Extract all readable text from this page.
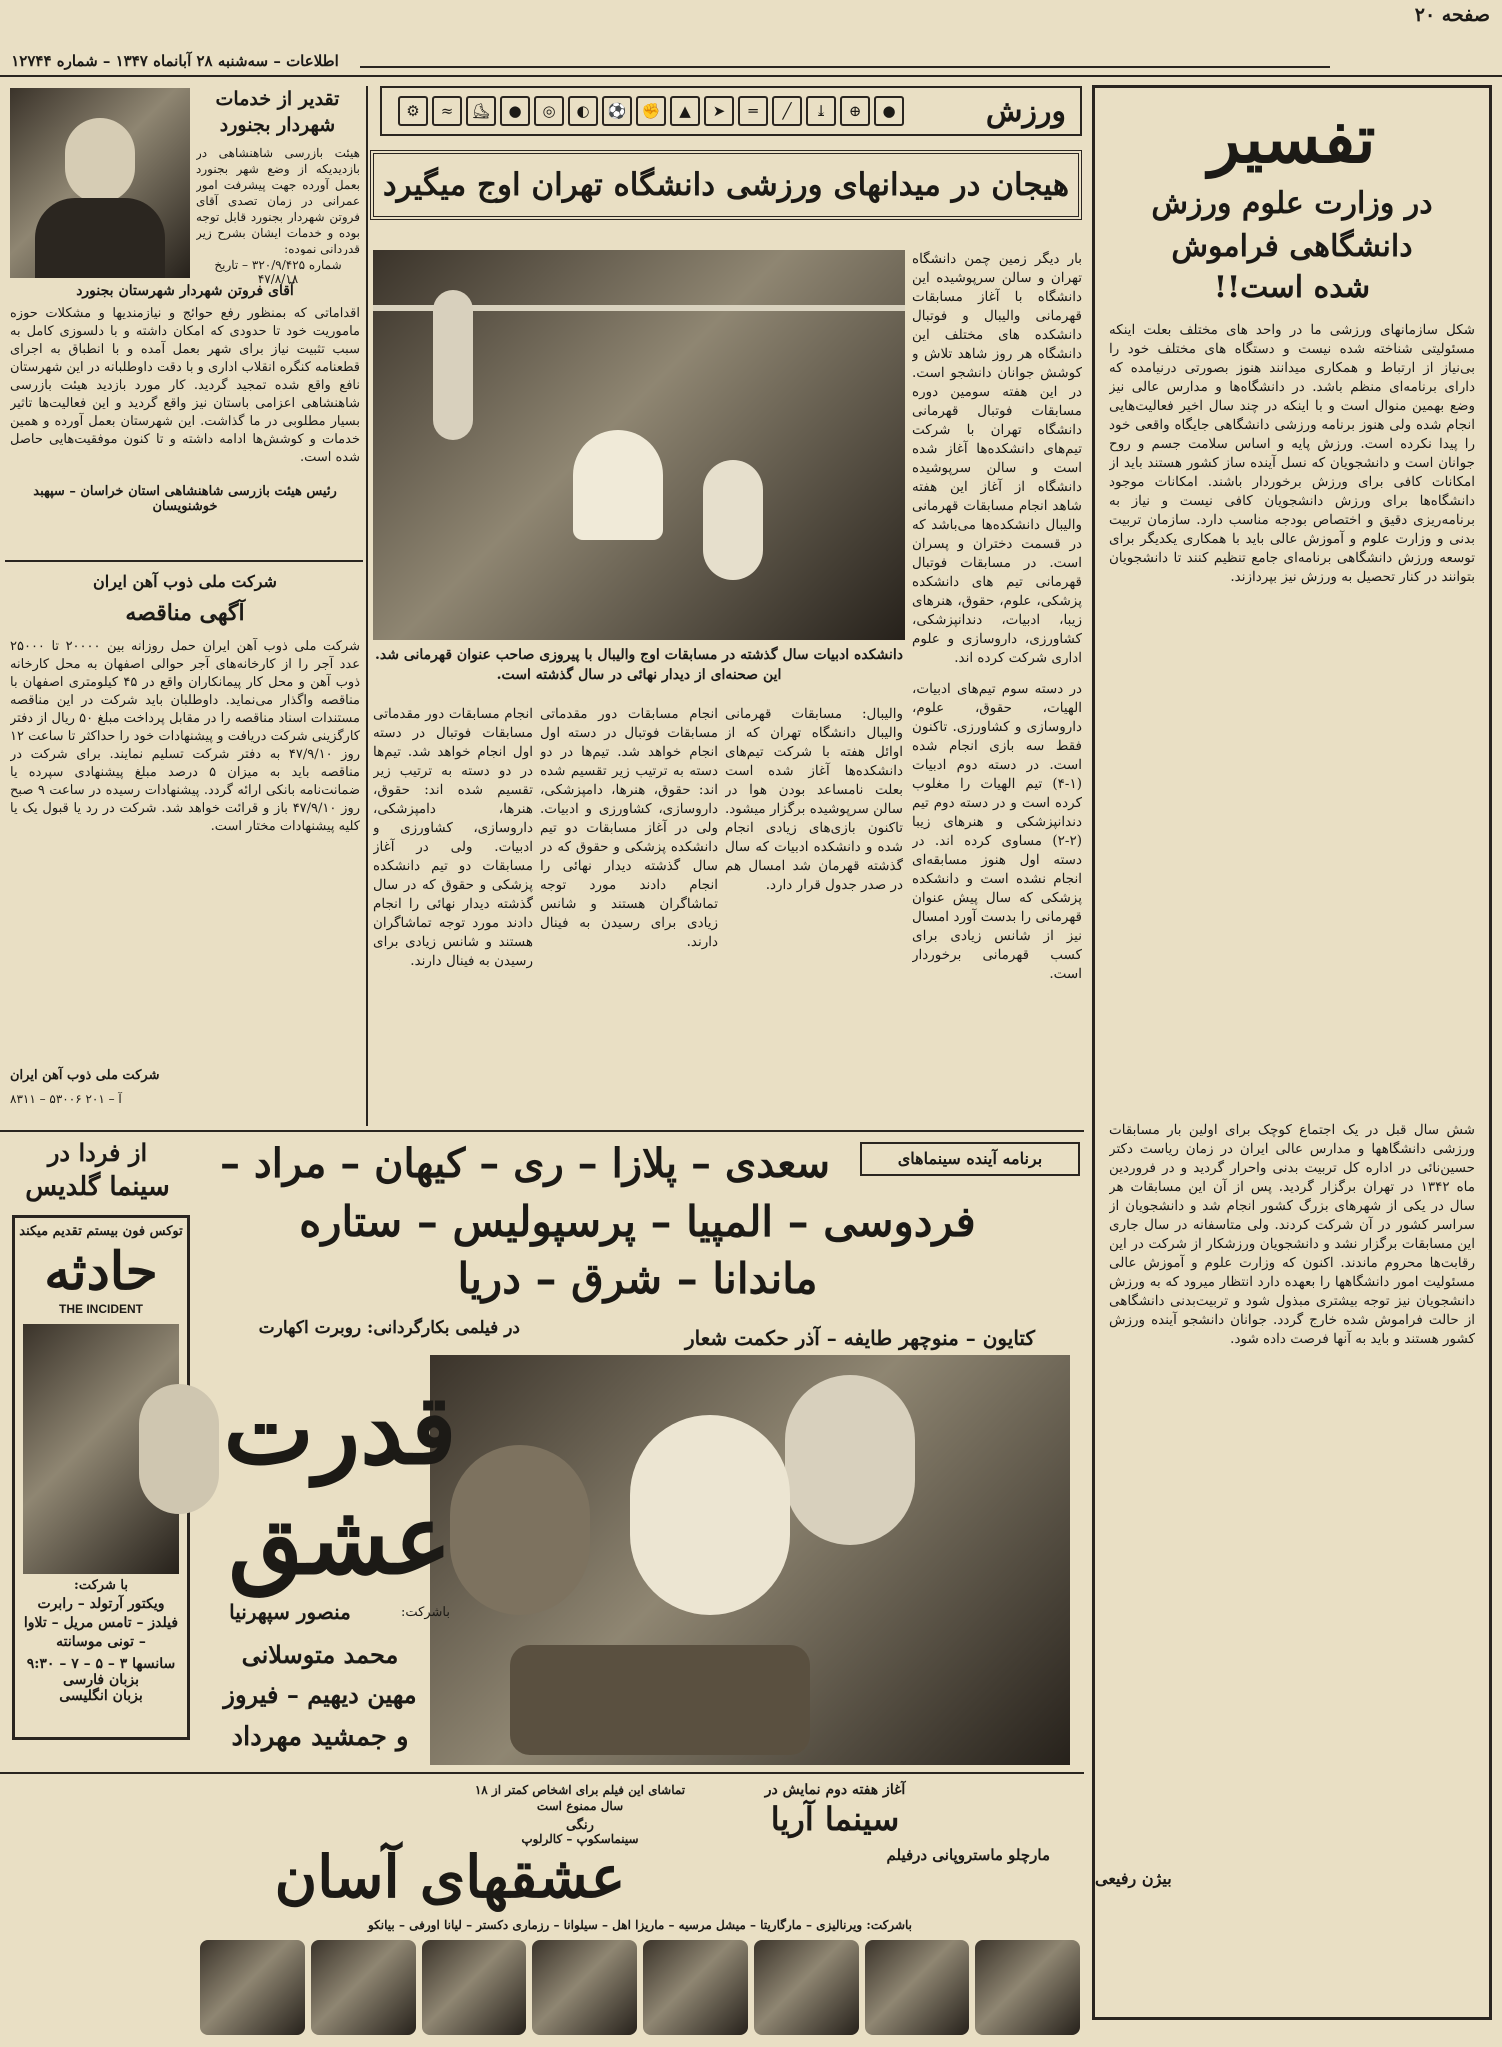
صفحه ۲۰
اطلاعات – سه‌شنبه ۲۸ آبانماه ۱۳۴۷ – شماره ۱۲۷۴۴
تفسیر
در وزارت علوم ورزش
دانشگاهی فراموش
شده است!!
شکل سازمانهای ورزشی ما در واحد های مختلف بعلت اینکه مسئولیتی شناخته شده نیست و دستگاه های مختلف خود را بی‌نیاز از ارتباط و همکاری میدانند هنوز بصورتی درنیامده که دارای برنامه‌ای منظم باشد. در دانشگاه‌ها و مدارس عالی نیز وضع بهمین منوال است و با اینکه در چند سال اخیر فعالیت‌هایی انجام شده ولی هنوز برنامه ورزشی دانشگاهی جایگاه واقعی خود را پیدا نکرده است. ورزش پایه و اساس سلامت جسم و روح جوانان است و دانشجویان که نسل آینده ساز کشور هستند باید از امکانات کافی برای ورزش برخوردار باشند. امکانات موجود دانشگاه‌ها برای ورزش دانشجویان کافی نیست و نیاز به برنامه‌ریزی دقیق و اختصاص بودجه مناسب دارد. سازمان تربیت بدنی و وزارت علوم و آموزش عالی باید با همکاری یکدیگر برای توسعه ورزش دانشگاهی برنامه‌ای جامع تنظیم کنند تا دانشجویان بتوانند در کنار تحصیل به ورزش نیز بپردازند.
شش سال قبل در یک اجتماع کوچک برای اولین بار مسابقات ورزشی دانشگاهها و مدارس عالی ایران در زمان ریاست دکتر حسین‌نائی در اداره کل تربیت بدنی واحرار گردید و در فروردین ماه ۱۳۴۲ در تهران برگزار گردید. پس از آن این مسابقات هر سال در یکی از شهرهای بزرگ کشور انجام شد و دانشجویان از سراسر کشور در آن شرکت کردند. ولی متاسفانه در سال جاری این مسابقات برگزار نشد و دانشجویان ورزشکار از شرکت در این رقابت‌ها محروم ماندند. اکنون که وزارت علوم و آموزش عالی مسئولیت امور دانشگاهها را بعهده دارد انتظار میرود که به ورزش دانشجویان نیز توجه بیشتری مبذول شود و تربیت‌بدنی دانشگاهی از حالت فراموش شده خارج گردد. جوانان دانشجو آینده ورزش کشور هستند و باید به آنها فرصت داده شود.
بیژن رفیعی
ورزش
⚙ ≈ ⛸ ● ◎ ◐ ⚽ ✊ ▲ ➤ ═ ╱ ⤓ ⊕ ●
هیجان در میدانهای ورزشی دانشگاه تهران اوج میگیرد
بار دیگر زمین چمن دانشگاه تهران و سالن سرپوشیده این دانشگاه با آغاز مسابقات قهرمانی والیبال و فوتبال دانشکده های مختلف این دانشگاه هر روز شاهد تلاش و کوشش جوانان دانشجو است. در این هفته سومین دوره مسابقات فوتبال قهرمانی دانشگاه تهران با شرکت تیم‌های دانشکده‌ها آغاز شده است و سالن سرپوشیده دانشگاه از آغاز این هفته شاهد انجام مسابقات قهرمانی والیبال دانشکده‌ها می‌باشد که در قسمت دختران و پسران است. در مسابقات فوتبال قهرمانی تیم های دانشکده پزشکی، علوم، حقوق، هنرهای زیبا، ادبیات، دندانپزشکی، کشاورزی، داروسازی و علوم اداری شرکت کرده اند.
دانشکده ادبیات سال گذشته در مسابقات اوج والیبال با پیروزی صاحب عنوان قهرمانی شد. این صحنه‌ای از دیدار نهائی در سال گذشته است.
در دسته سوم تیم‌های ادبیات، الهیات، حقوق، علوم، داروسازی و کشاورزی. تاکنون فقط سه بازی انجام شده است. در دسته دوم ادبیات (۱-۴) تیم الهیات را مغلوب کرده است و در دسته دوم تیم دندانپزشکی و هنرهای زیبا (۲-۲) مساوی کرده اند. در دسته اول هنوز مسابقه‌ای انجام نشده است و دانشکده پزشکی که سال پیش عنوان قهرمانی را بدست آورد امسال نیز از شانس زیادی برای کسب قهرمانی برخوردار است.
والیبال: مسابقات قهرمانی والیبال دانشگاه تهران که از اوائل هفته با شرکت تیم‌های دانشکده‌ها آغاز شده است بعلت نامساعد بودن هوا در سالن سرپوشیده برگزار میشود. تاکنون بازی‌های زیادی انجام شده و دانشکده ادبیات که سال گذشته قهرمان شد امسال هم در صدر جدول قرار دارد.
انجام مسابقات دور مقدماتی مسابقات فوتبال در دسته اول انجام خواهد شد. تیم‌ها در دو دسته به ترتیب زیر تقسیم شده اند: حقوق، هنرها، دامپزشکی، داروسازی، کشاورزی و ادبیات. ولی در آغاز مسابقات دو تیم دانشکده پزشکی و حقوق که در سال گذشته دیدار نهائی را انجام دادند مورد توجه تماشاگران هستند و شانس زیادی برای رسیدن به فینال دارند.
انجام مسابقات دور مقدماتی مسابقات فوتبال در دسته اول انجام خواهد شد. تیم‌ها در دو دسته به ترتیب زیر تقسیم شده اند: حقوق، هنرها، دامپزشکی، داروسازی، کشاورزی و ادبیات. ولی در آغاز مسابقات دو تیم دانشکده پزشکی و حقوق که در سال گذشته دیدار نهائی را انجام دادند مورد توجه تماشاگران هستند و شانس زیادی برای رسیدن به فینال دارند.
تقدیر از خدمات
شهردار بجنورد
هیئت بازرسی شاهنشاهی در بازدیدیکه از وضع شهر بجنورد بعمل آورده جهت پیشرفت امور عمرانی در زمان تصدی آقای فروتن شهردار بجنورد قابل توجه بوده و خدمات ایشان بشرح زیر قدردانی نموده:
شماره ۳۲۰/۹/۴۲۵ – تاریخ ۴۷/۸/۱۸
آقای فروتن شهردار شهرستان بجنورد
اقداماتی که بمنظور رفع حوائج و نیازمندیها و مشکلات حوزه ماموریت خود تا حدودی که امکان داشته و با دلسوزی کامل به سبب تثبیت نیاز برای شهر بعمل آمده و با انطباق به اجرای قطعنامه کنگره انقلاب اداری و با دقت داوطلبانه در این شهرستان نافع واقع شده تمجید گردید. کار مورد بازدید هیئت بازرسی شاهنشاهی اعزامی باستان نیز واقع گردید و این فعالیت‌ها تاثیر بسیار مطلوبی در ما گذاشت. این شهرستان بعمل آورده و همین خدمات و کوشش‌ها ادامه داشته و تا کنون موفقیت‌هایی حاصل شده است.
رئیس هیئت بازرسی شاهنشاهی استان خراسان – سپهبد خوشنویسان
شرکت ملی ذوب آهن ایران
آگهی مناقصه
شرکت ملی ذوب آهن ایران حمل روزانه بین ۲۰۰۰۰ تا ۲۵۰۰۰ عدد آجر را از کارخانه‌های آجر حوالی اصفهان به محل کارخانه ذوب آهن و محل کار پیمانکاران واقع در ۴۵ کیلومتری اصفهان با مناقصه واگذار می‌نماید. داوطلبان باید شرکت در این مناقصه مستندات اسناد مناقصه را در مقابل پرداخت مبلغ ۵۰ ریال از دفتر کارگزینی شرکت دریافت و پیشنهادات خود را حداکثر تا ساعت ۱۲ روز ۴۷/۹/۱۰ به دفتر شرکت تسلیم نمایند. برای شرکت در مناقصه باید به میزان ۵ درصد مبلغ پیشنهادی سپرده یا ضمانت‌نامه بانکی ارائه گردد. پیشنهادات رسیده در ساعت ۹ صبح روز ۴۷/۹/۱۰ باز و قرائت خواهد شد. شرکت در رد یا قبول یک یا کلیه پیشنهادات مختار است.
شرکت ملی ذوب آهن ایران
۸۳۱۱ – ۵۳۰۰۶ آ – ۲۰۱
از فردا در
سینما گلدیس
توکس فون بیستم تقدیم میکند
حادثه
THE INCIDENT
با شرکت:
ویکتور آرتولد – رابرت فیلدز – تامس مریل – تلاوا – تونی موسانته
سانسها ۳ – ۵ – ۷ – ۹:۳۰
بزبان فارسی
بزبان انگلیسی
برنامه آینده سینماهای
سعدی – پلازا – ری – کیهان – مراد –
فردوسی – المپیا – پرسپولیس – ستاره
ماندانا – شرق – دریا
در فیلمی بکارگردانی: روبرت اکهارت	کتایون – منوچهر طایفه – آذر حکمت شعار
قدرت
عشق
باشرکت:
منصور سپهرنیا
محمد متوسلانی
مهین دیهیم – فیروز
و جمشید مهرداد
آغاز هفته دوم نمایش در
سینما آریا
مارچلو ماستروپانی درفیلم
تماشای این فیلم برای اشخاص کمتر از ۱۸ سال ممنوع است
رنگی
سینماسکوپ – کالرلوپ
عشقهای آسان
باشرکت: ویرنالیزی – مارگاریتا – میشل مرسیه – ماریزا اهل – سیلوانا – رزماری دکستر – لیانا اورفی – بیانکو
